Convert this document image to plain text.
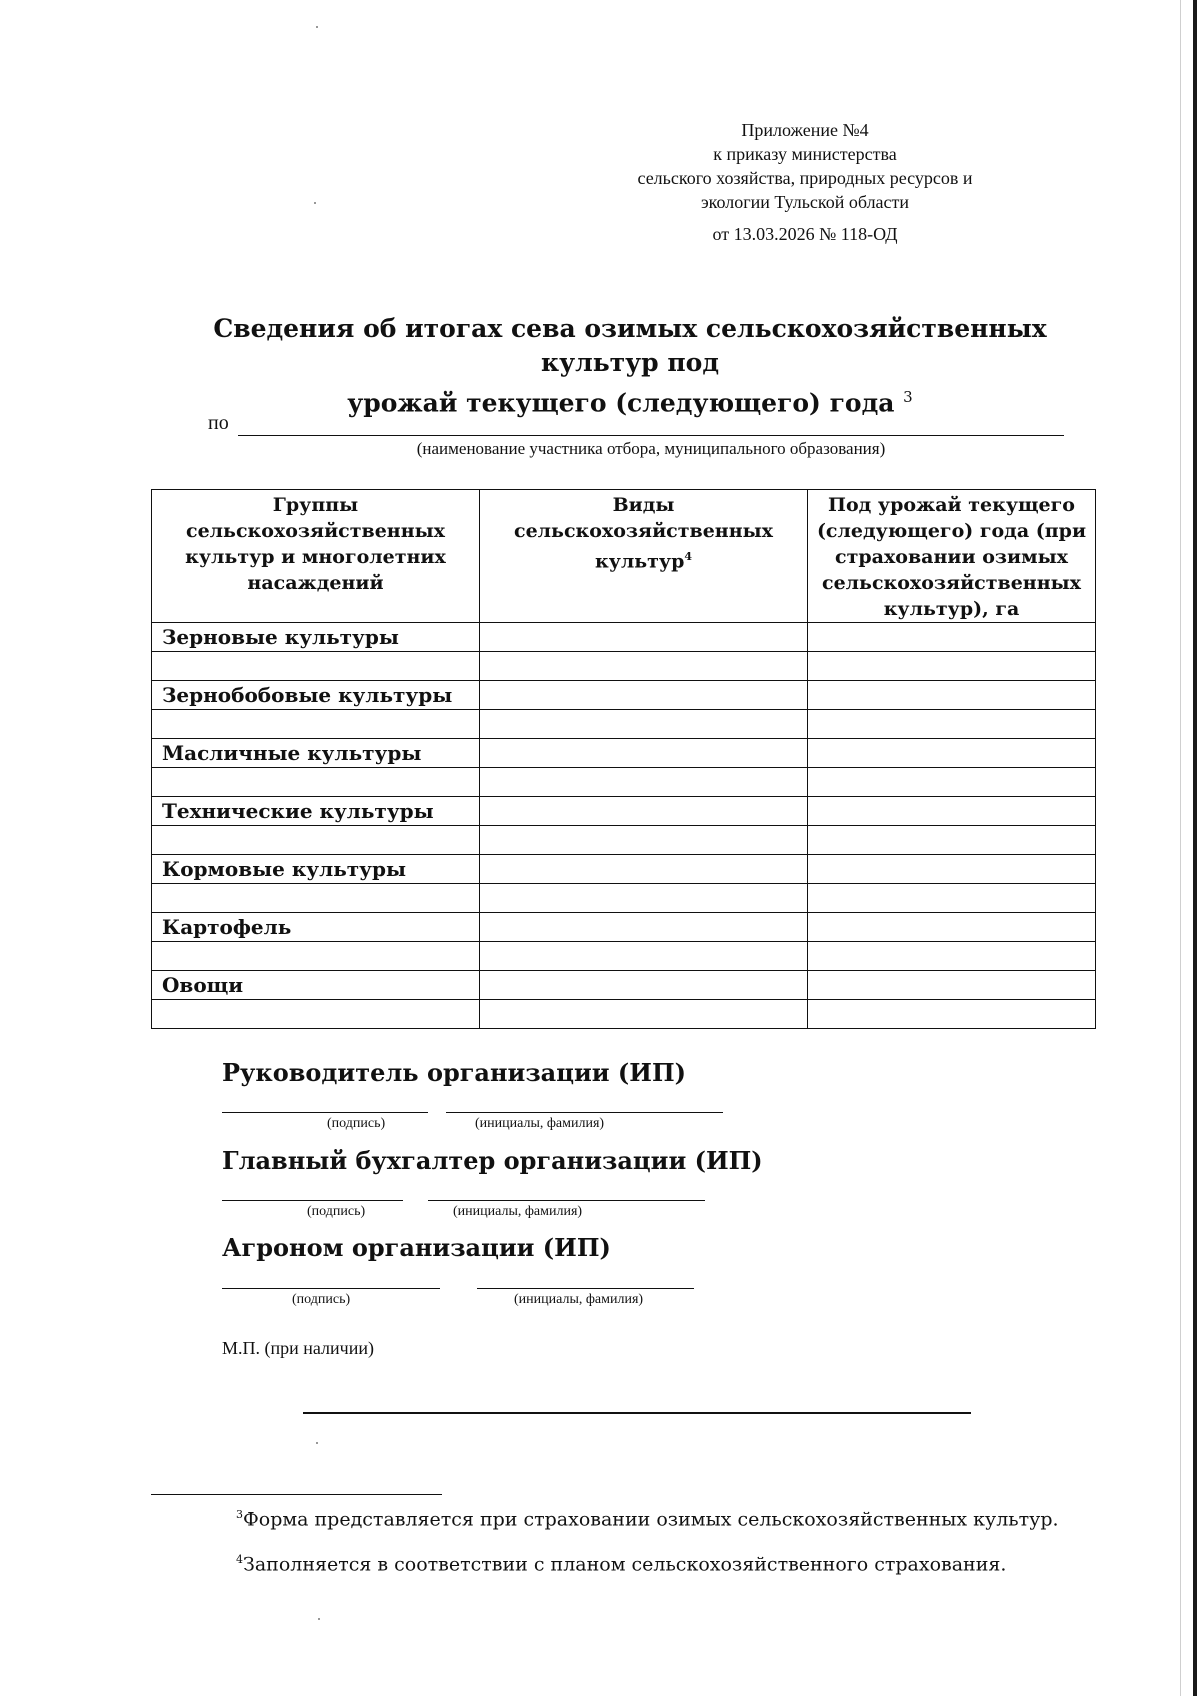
Приложение №4
к приказу министерства
сельского хозяйства, природных ресурсов и
экологии Тульской области
от 13.03.2026 № 118-ОД
Сведения об итогах сева озимых сельскохозяйственных культур под
урожай текущего (следующего) года $^3$
по
(наименование участника отбора, муниципального образования)
Группы сельскохозяйственных культур и многолетних насаждений	Виды сельскохозяйственных культур$^4$	Под урожай текущего (следующего) года (при страховании озимых сельскохозяйственных культур), га
Зерновые культуры		

Зернобобовые культуры		

Масличные культуры		

Технические культуры		

Кормовые культуры		

Картофель		

Овощи		

Руководитель организации (ИП)
(подпись)	(инициалы, фамилия)
Главный бухгалтер организации (ИП)
(подпись)	(инициалы, фамилия)
Агроном организации (ИП)
(подпись)	(инициалы, фамилия)
М.П. (при наличии)
$^3$Форма представляется при страховании озимых сельскохозяйственных культур.
$^4$Заполняется в соответствии с планом сельскохозяйственного страхования.
